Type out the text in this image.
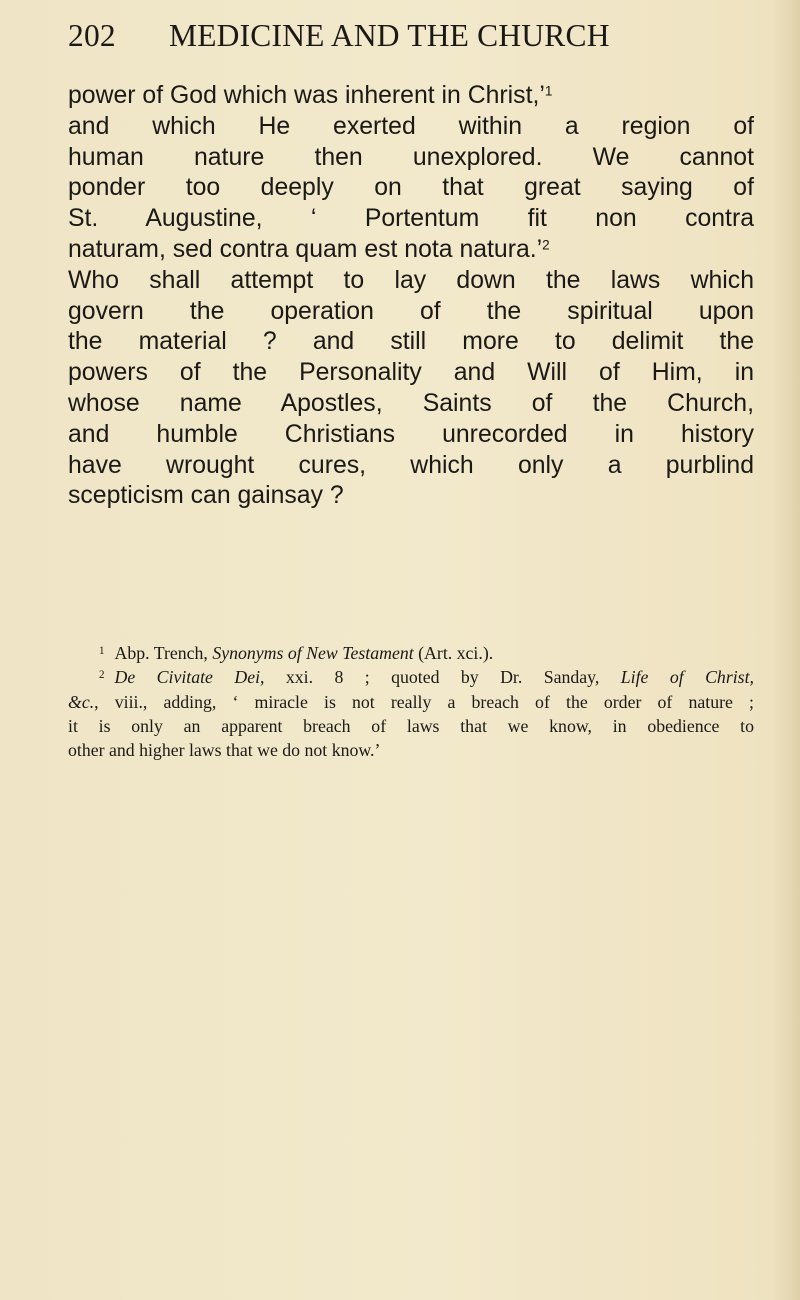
202 MEDICINE AND THE CHURCH
power of God which was inherent in Christ,’$^1$
and which He exerted within a region of
human nature then unexplored. We cannot
ponder too deeply on that great saying of
St. Augustine, ‘ Portentum fit non contra
naturam, sed contra quam est nota natura.’$^2$
Who shall attempt to lay down the laws which
govern the operation of the spiritual upon
the material ? and still more to delimit the
powers of the Personality and Will of Him, in
whose name Apostles, Saints of the Church,
and humble Christians unrecorded in history
have wrought cures, which only a purblind
scepticism can gainsay ?
$^1$ Abp. Trench, Synonyms of New Testament (Art. xci.).
$^2$ De Civitate Dei, xxi. 8 ; quoted by Dr. Sanday, Life of Christ,
&c., viii., adding, ‘ miracle is not really a breach of the order of nature ;
it is only an apparent breach of laws that we know, in obedience to
other and higher laws that we do not know.’
